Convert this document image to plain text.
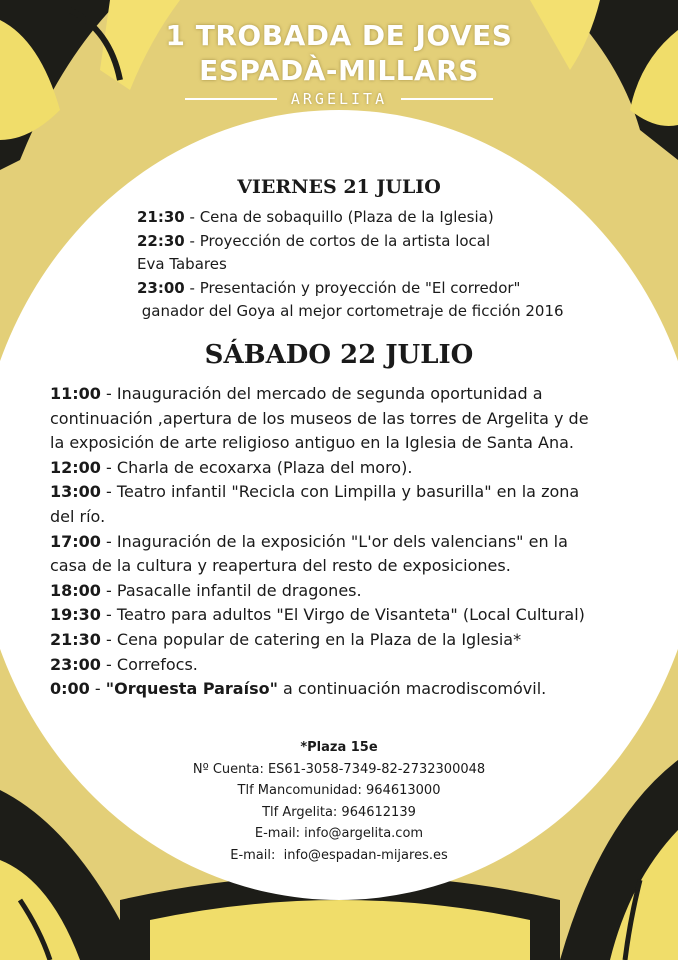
1 TROBADA DE JOVES
ESPADÀ-MILLARS
ARGELITA
VIERNES 21 JULIO
21:30 - Cena de sobaquillo (Plaza de la Iglesia)
22:30 - Proyección de cortos de la artista local
Eva Tabares
23:00 - Presentación y proyección de "El corredor"
ganador del Goya al mejor cortometraje de ficción 2016
SÁBADO 22 JULIO
11:00 - Inauguración del mercado de segunda oportunidad a
continuación ,apertura de los museos de las torres de Argelita y de
la exposición de arte religioso antiguo en la Iglesia de Santa Ana.
12:00 - Charla de ecoxarxa (Plaza del moro).
13:00 - Teatro infantil "Recicla con Limpilla y basurilla" en la zona
del río.
17:00 - Inaguración de la exposición "L'or dels valencians" en la
casa de la cultura y reapertura del resto de exposiciones.
18:00 - Pasacalle infantil de dragones.
19:30 - Teatro para adultos "El Virgo de Visanteta" (Local Cultural)
21:30 - Cena popular de catering en la Plaza de la Iglesia*
23:00 - Correfocs.
0:00 - "Orquesta Paraíso" a continuación macrodiscomóvil.
*Plaza 15e
Nº Cuenta: ES61-3058-7349-82-2732300048
Tlf Mancomunidad: 964613000
Tlf Argelita: 964612139
E-mail: info@argelita.com
E-mail:  info@espadan-mijares.es
